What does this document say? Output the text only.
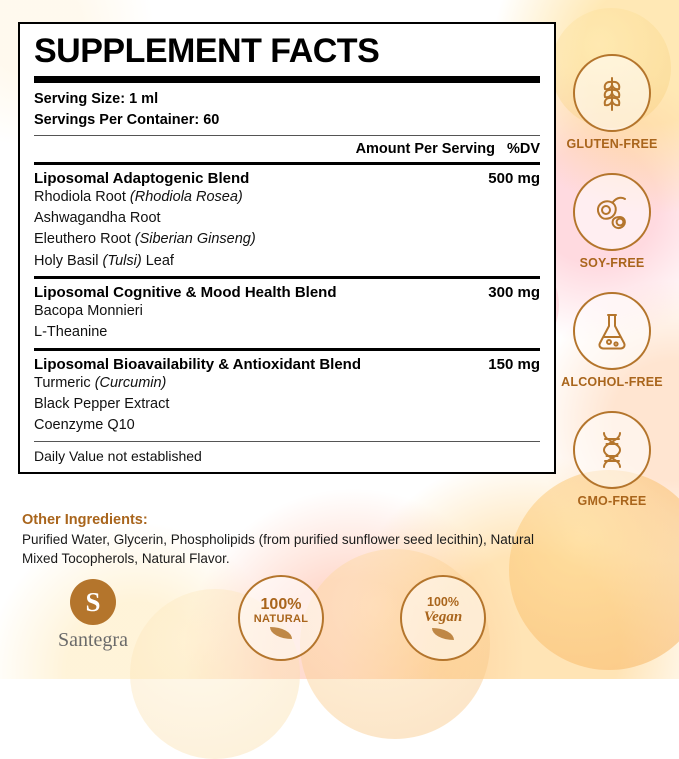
SUPPLEMENT FACTS
Serving Size: 1 ml
Servings Per Container: 60
Amount Per Serving %DV
Liposomal Adaptogenic Blend	500 mg
Rhodiola Root (Rhodiola Rosea)
Ashwagandha Root
Eleuthero Root (Siberian Ginseng)
Holy Basil (Tulsi) Leaf
Liposomal Cognitive & Mood Health Blend	300 mg
Bacopa Monnieri
L-Theanine
Liposomal Bioavailability & Antioxidant Blend	150 mg
Turmeric (Curcumin)
Black Pepper Extract
Coenzyme Q10
Daily Value not established
Other Ingredients:
Purified Water, Glycerin, Phospholipids (from purified sunflower seed lecithin), Natural Mixed Tocopherols, Natural Flavor.
GLUTEN-FREE
SOY-FREE
ALCOHOL-FREE
GMO-FREE
S
Santegra
100%
NATURAL
100%
Vegan
